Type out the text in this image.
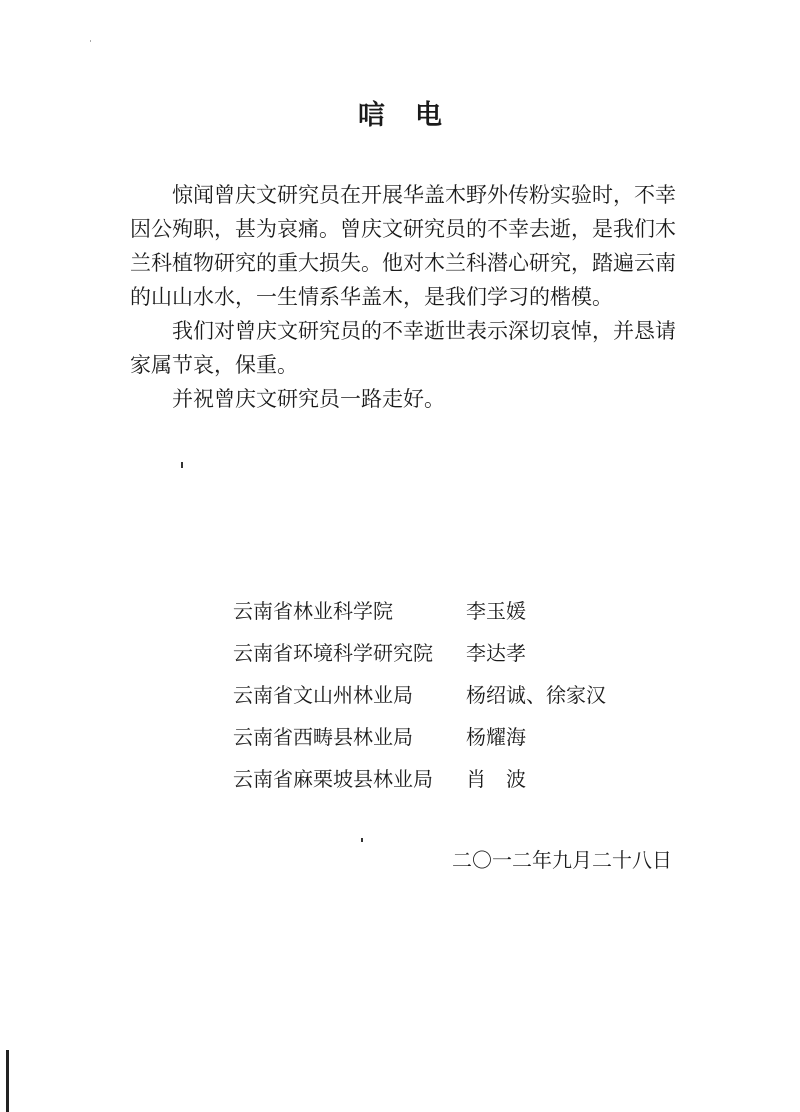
唁电
惊闻曾庆文研究员在开展华盖木野外传粉实验时，不幸
因公殉职，甚为哀痛。曾庆文研究员的不幸去逝，是我们木
兰科植物研究的重大损失。他对木兰科潜心研究，踏遍云南
的山山水水，一生情系华盖木，是我们学习的楷模。
我们对曾庆文研究员的不幸逝世表示深切哀悼，并恳请
家属节哀，保重。
并祝曾庆文研究员一路走好。
云南省林业科学院	李玉媛
云南省环境科学研究院	李达孝
云南省文山州林业局	杨绍诚、徐家汉
云南省西畴县林业局	杨耀海
云南省麻栗坡县林业局	肖　波
二〇一二年九月二十八日
